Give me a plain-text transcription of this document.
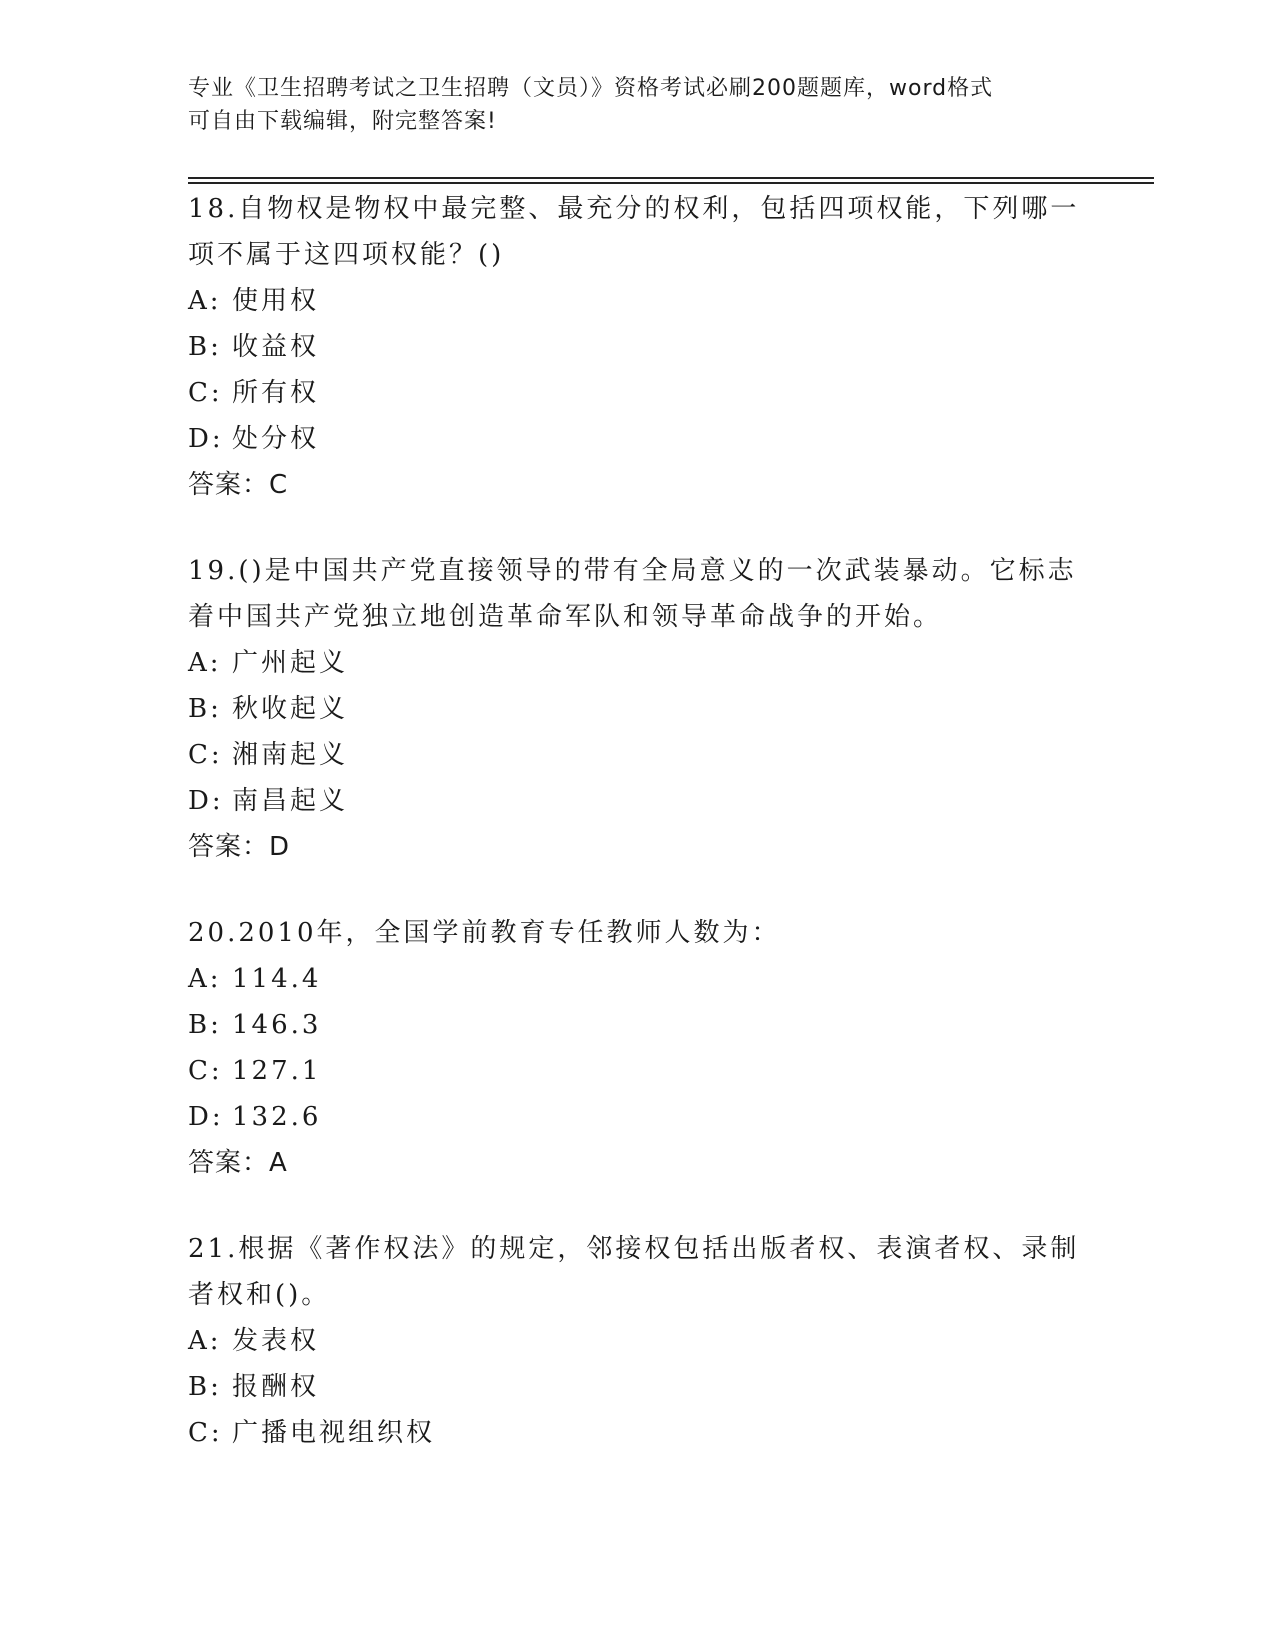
专业《卫生招聘考试之卫生招聘（文员）》资格考试必刷200题题库，word格式
可自由下载编辑，附完整答案!
18.自物权是物权中最完整、最充分的权利，包括四项权能，下列哪一
项不属于这四项权能？()
A: 使用权
B: 收益权
C: 所有权
D: 处分权
答案：C
19.()是中国共产党直接领导的带有全局意义的一次武装暴动。它标志
着中国共产党独立地创造革命军队和领导革命战争的开始。
A: 广州起义
B: 秋收起义
C: 湘南起义
D: 南昌起义
答案：D
20.2010年，全国学前教育专任教师人数为：
A: 114.4
B: 146.3
C: 127.1
D: 132.6
答案：A
21.根据《著作权法》的规定，邻接权包括出版者权、表演者权、录制
者权和()。
A: 发表权
B: 报酬权
C: 广播电视组织权
